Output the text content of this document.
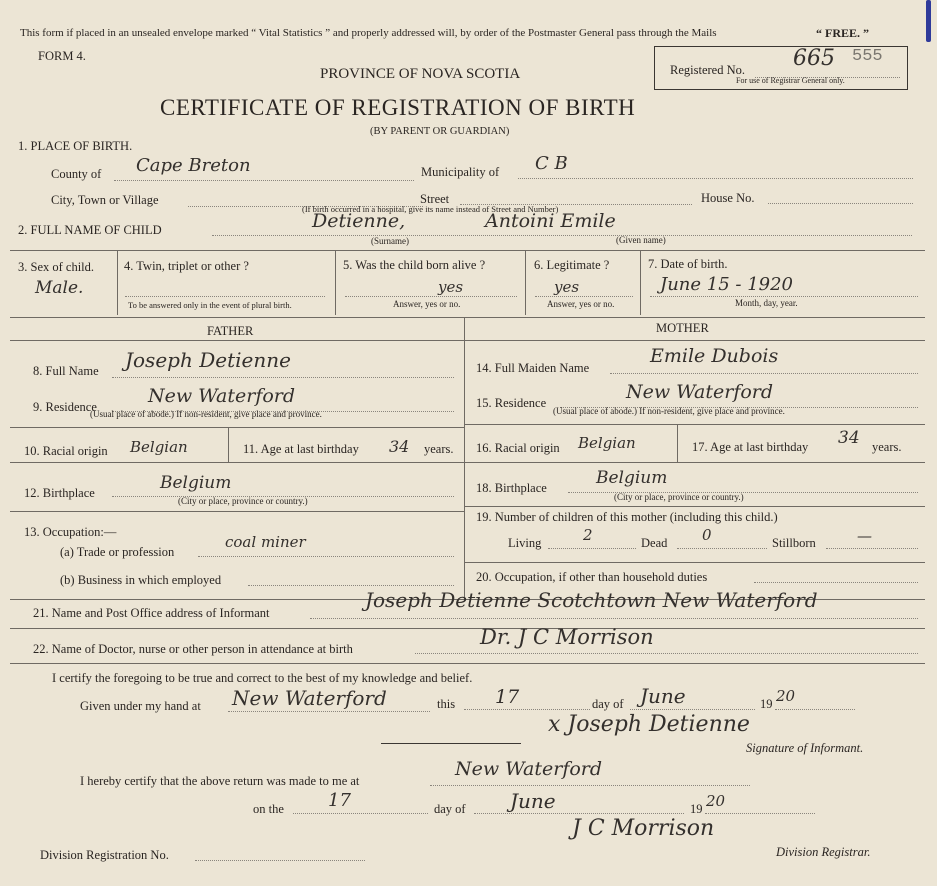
This form if placed in an unsealed envelope marked “ Vital Statistics ” and properly addressed will, by order of the Postmaster General pass through the Mails	“ FREE. ”
FORM 4.
PROVINCE OF NOVA SCOTIA
CERTIFICATE OF REGISTRATION OF BIRTH
(BY PARENT OR GUARDIAN)
Registered No. 665 555
For use of Registrar General only.
1. PLACE OF BIRTH.
County of Cape Breton	Municipality of C B
City, Town or Village	Street
(If birth occurred in a hospital, give its name instead of Street and Number)
House No.
2. FULL NAME OF CHILD	Detienne,	Antoini Emile
(Surname)	(Given name)
3. Sex of child.
Male.
4. Twin, triplet or other ?
To be answered only in the event of plural birth.
5. Was the child born alive ?
yes
Answer, yes or no.
6. Legitimate ?
yes
Answer, yes or no.
7. Date of birth.
June 15 - 1920
Month, day, year.
FATHER	MOTHER
8. Full Name Joseph Detienne
9. Residence	New Waterford
(Usual place of abode.) If non-resident, give place and province.
10. Racial origin Belgian	11. Age at last birthday 34 years.
12. Birthplace	Belgium
(City or place, province or country.)
13. Occupation:—
(a) Trade or profession
coal miner
(b) Business in which employed
14. Full Maiden Name
Emile Dubois
15. Residence	New Waterford
(Usual place of abode.) If non-resident, give place and province.
16. Racial origin Belgian	17. Age at last birthday 34 years.
18. Birthplace	Belgium
(City or place, province or country.)
19. Number of children of this mother (including this child.)
Living	2	Dead 0	Stillborn	—
20. Occupation, if other than household duties
21. Name and Post Office address of Informant
Joseph Detienne Scotchtown New Waterford
22. Name of Doctor, nurse or other person in attendance at birth	Dr. J C Morrison
I certify the foregoing to be true and correct to the best of my knowledge and belief.
Given under my hand at New Waterford	this 17	day of June	19 20
x Joseph Detienne
Signature of Informant.
I hereby certify that the above return was made to me at
New Waterford
on the 17	day of June	19 20
J C Morrison
Division Registration No.	Division Registrar.
